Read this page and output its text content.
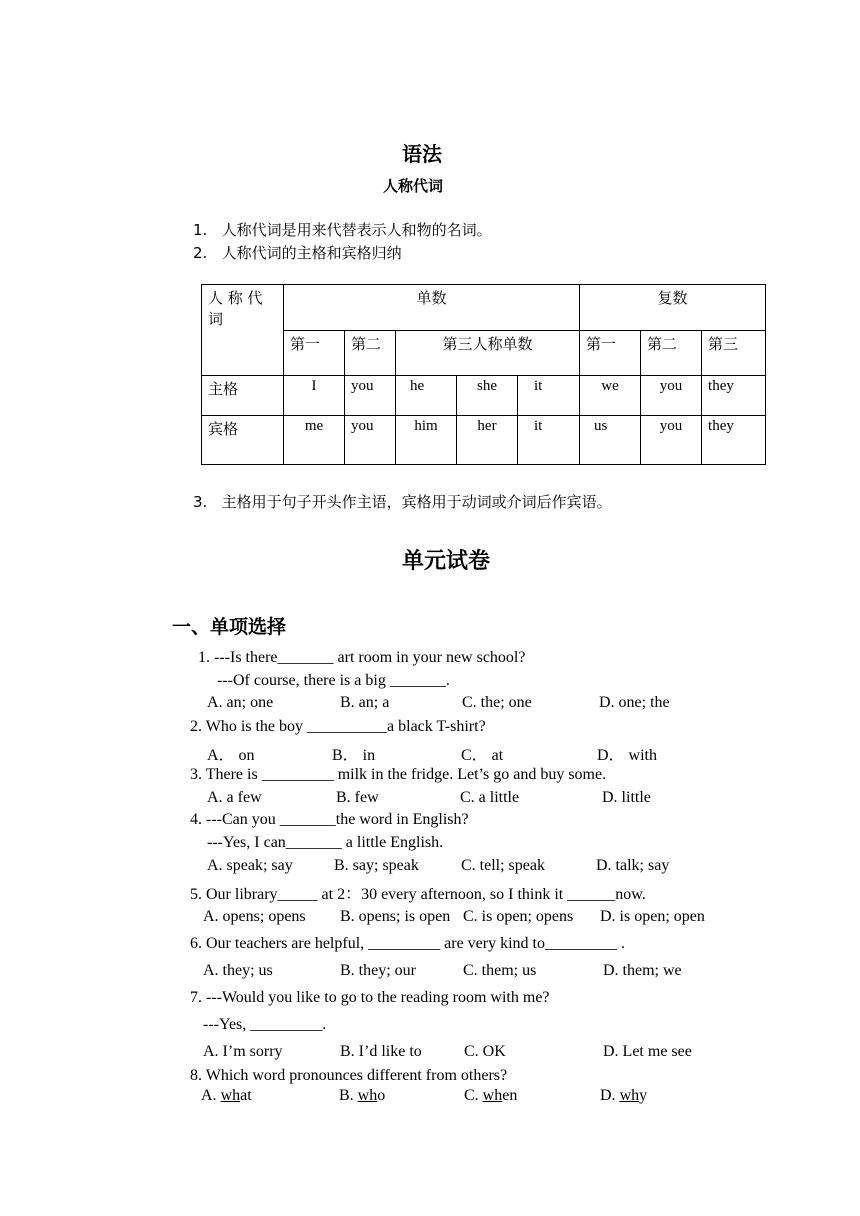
语法
人称代词
1. 人称代词是用来代替表示人和物的名词。
2. 人称代词的主格和宾格归纳
人 称 代 词	单数					复数		
	第一	第二	第三人称单数			第一	第二	第三
主格	I	you	he	she	it	we	you	they
宾格	me	you	him	her	it	us	you	they
3. 主格用于句子开头作主语，宾格用于动词或介词后作宾语。
单元试卷
一、单项选择
1. ---Is there_______ art room in your new school?
---Of course, there is a big _______.
A. an; one	B. an; a	C. the; one	D. one; the
2. Who is the boy __________a black T-shirt?
A． on	B． in	C． at	D． with
3. There is _________ milk in the fridge. Let’s go and buy some.
A. a few	B. few	C. a little	D. little
4. ---Can you _______the word in English?
---Yes, I can_______ a little English.
A. speak; say	B. say; speak	C. tell; speak	D. talk; say
5. Our library_____ at 2：30 every afternoon, so I think it ______now.
A. opens; opens B. opens; is open C. is open; opens D. is open; open
6. Our teachers are helpful, _________ are very kind to_________ .
A. they; us	B. they; our	C. them; us	D. them; we
7. ---Would you like to go to the reading room with me?
---Yes, _________.
A. I’m sorry	B. I’d like to	C. OK	D. Let me see
8. Which word pronounces different from others?
A. what	B. who	C. when	D. why
